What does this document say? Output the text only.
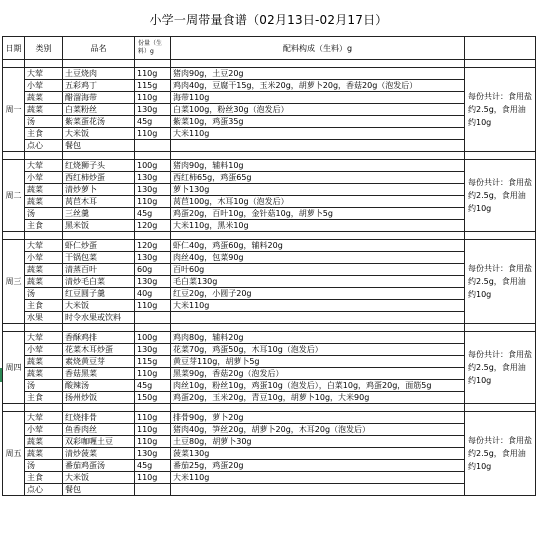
小学一周带量食谱（02月13日-02月17日）
日期	类别	品名	份量（生料）g	配料构成（生料）g	

周一	大荤	土豆烧肉	110g	猪肉90g，土豆20g	每份共计：食用盐约2.5g，食用油约10g
	小荤	五彩鸡丁	115g	鸡肉40g，豆腐干15g，玉米20g，胡萝卜20g，香菇20g（泡发后）	
	蔬菜	醋溜海带	110g	海带110g	
	蔬菜	白菜粉丝	130g	白菜100g，粉丝30g（泡发后）	
	汤	紫菜蛋花汤	45g	紫菜10g，鸡蛋35g	
	主食	大米饭	110g	大米110g	
	点心	餐包			

周二	大荤	红烧狮子头	100g	猪肉90g，辅料10g	每份共计：食用盐约2.5g，食用油约10g
	小荤	西红柿炒蛋	130g	西红柿65g，鸡蛋65g	
	蔬菜	清炒萝卜	130g	萝卜130g	
	蔬菜	莴苣木耳	110g	莴苣100g，木耳10g（泡发后）	
	汤	三丝羹	45g	鸡蛋20g，百叶10g，金针菇10g，胡萝卜5g	
	主食	黑米饭	120g	大米110g，黑米10g	

周三	大荤	虾仁炒蛋	120g	虾仁40g，鸡蛋60g，辅料20g	每份共计：食用盐约2.5g，食用油约10g
	小荤	干锅包菜	130g	肉丝40g，包菜90g	
	蔬菜	清蒸百叶	60g	百叶60g	
	蔬菜	清炒毛白菜	130g	毛白菜130g	
	汤	红豆圆子羹	40g	红豆20g，小圆子20g	
	主食	大米饭	110g	大米110g	
	水果	时令水果或饮料			

周四	大荤	香酥鸡排	100g	鸡肉80g，辅料20g	每份共计：食用盐约2.5g，食用油约10g
	小荤	花菜木耳炒蛋	130g	花菜70g，鸡蛋50g，木耳10g（泡发后）	
	蔬菜	素烧黄豆芽	115g	黄豆芽110g，胡萝卜5g	
	蔬菜	香菇黑菜	110g	黑菜90g，香菇20g（泡发后）	
	汤	酸辣汤	45g	肉丝10g，粉丝10g，鸡蛋10g（泡发后），白菜10g，鸡蛋20g，面筋5g	
	主食	扬州炒饭	150g	鸡蛋20g，玉米20g，青豆10g，胡萝卜10g，大米90g	

周五	大荤	红烧排骨	110g	排骨90g，萝卜20g	每份共计：食用盐约2.5g，食用油约10g
	小荤	鱼香肉丝	110g	猪肉40g，笋丝20g，胡萝卜20g，木耳20g（泡发后）	
	蔬菜	双彩咖喱土豆	110g	土豆80g，胡萝卜30g	
	蔬菜	清炒菠菜	130g	菠菜130g	
	汤	番茄鸡蛋汤	45g	番茄25g，鸡蛋20g	
	主食	大米饭	110g	大米110g	
	点心	餐包			
